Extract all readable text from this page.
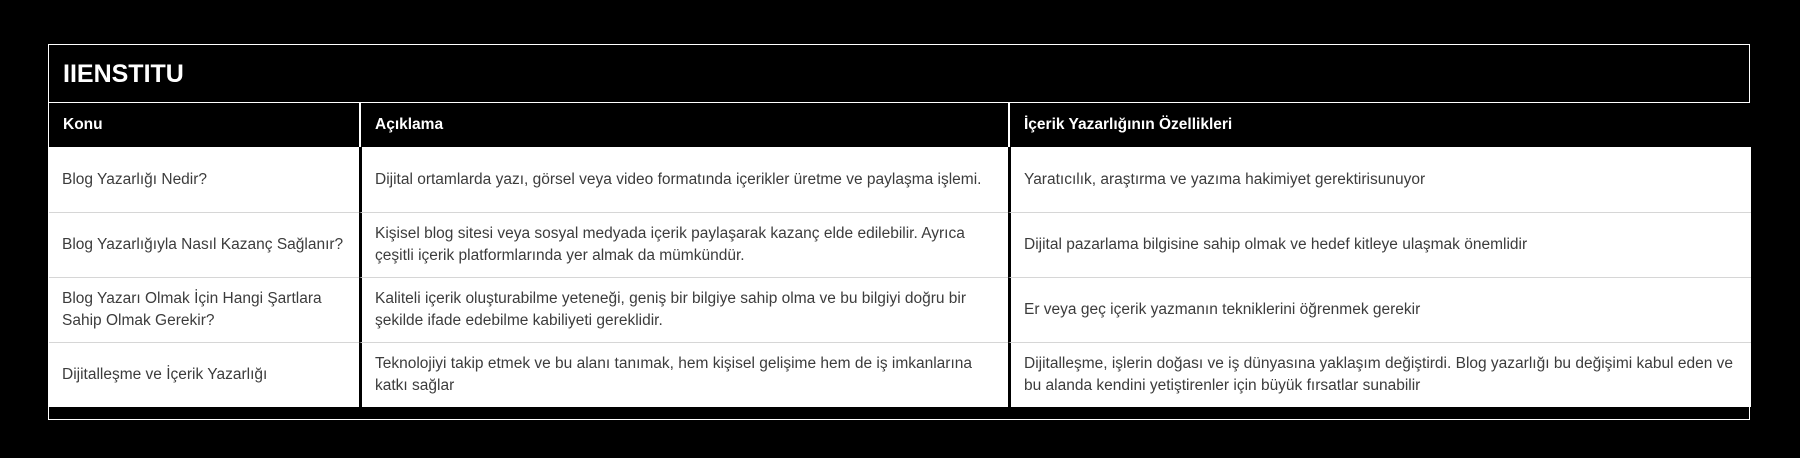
IIENSTITU
Konu	Açıklama	İçerik Yazarlığının Özellikleri
Blog Yazarlığı Nedir?	Dijital ortamlarda yazı, görsel veya video formatında içerikler üretme ve paylaşma işlemi.	Yaratıcılık, araştırma ve yazıma hakimiyet gerektirisunuyor
Blog Yazarlığıyla Nasıl Kazanç Sağlanır?	Kişisel blog sitesi veya sosyal medyada içerik paylaşarak kazanç elde edilebilir. Ayrıca çeşitli içerik platformlarında yer almak da mümkündür.	Dijital pazarlama bilgisine sahip olmak ve hedef kitleye ulaşmak önemlidir
Blog Yazarı Olmak İçin Hangi Şartlara Sahip Olmak Gerekir?	Kaliteli içerik oluşturabilme yeteneği, geniş bir bilgiye sahip olma ve bu bilgiyi doğru bir şekilde ifade edebilme kabiliyeti gereklidir.	Er veya geç içerik yazmanın tekniklerini öğrenmek gerekir
Dijitalleşme ve İçerik Yazarlığı	Teknolojiyi takip etmek ve bu alanı tanımak, hem kişisel gelişime hem de iş imkanlarına katkı sağlar	Dijitalleşme, işlerin doğası ve iş dünyasına yaklaşım değiştirdi. Blog yazarlığı bu değişimi kabul eden ve bu alanda kendini yetiştirenler için büyük fırsatlar sunabilir
